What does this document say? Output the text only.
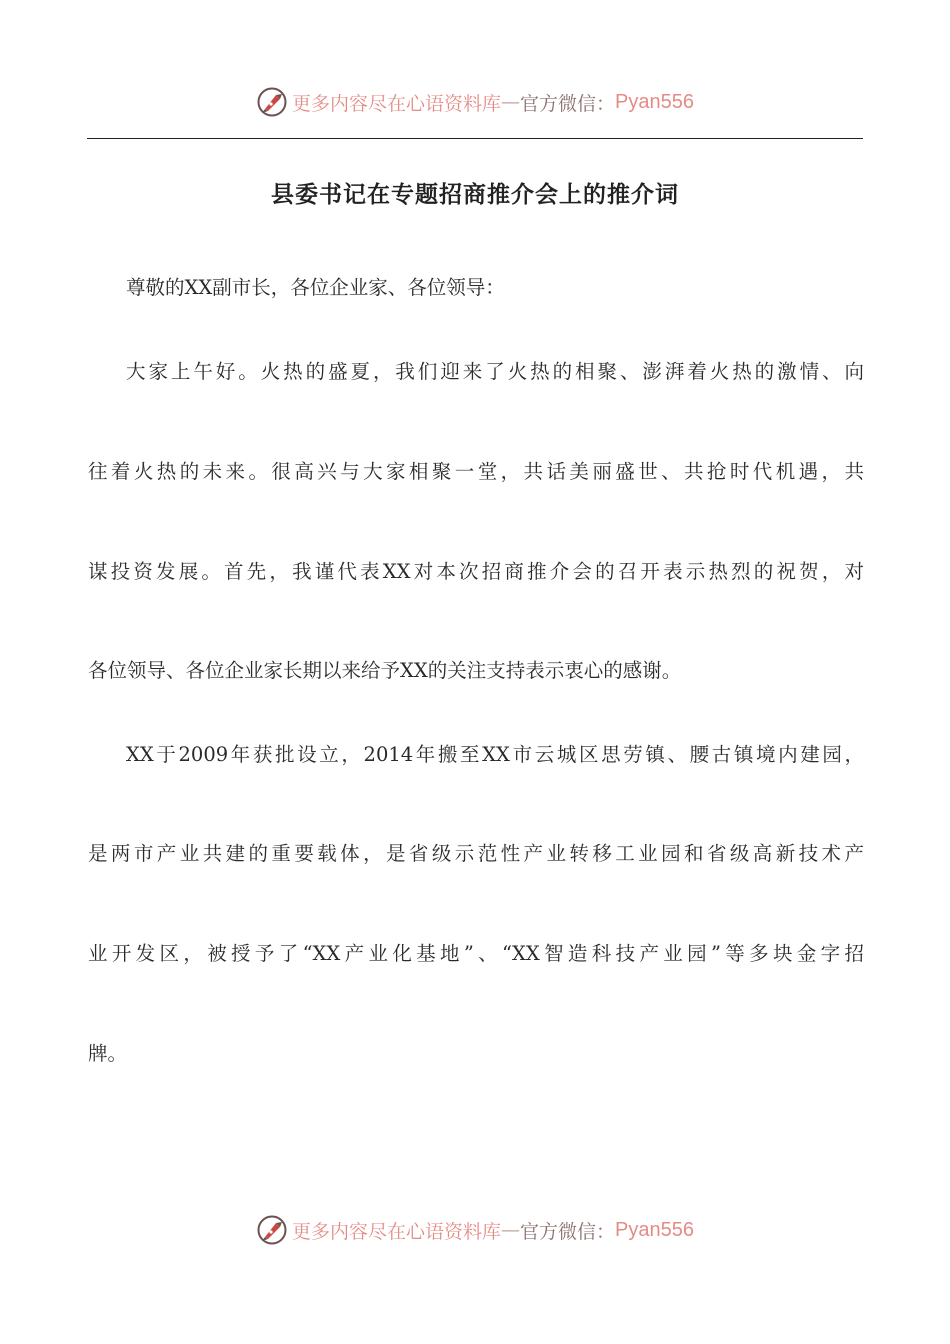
更多内容尽在心语资料库 — 官方微信： Pyan556
县委书记在专题招商推介会上的推介词
尊敬的XX副市长，各位企业家、各位领导：
大家上午好。火热的盛夏，我们迎来了火热的相聚、澎湃着火热的激情、向
往着火热的未来。很高兴与大家相聚一堂，共话美丽盛世、共抢时代机遇，共
谋投资发展。首先，我谨代表XX对本次招商推介会的召开表示热烈的祝贺，对
各位领导、各位企业家长期以来给予XX的关注支持表示衷心的感谢。
XX于2009年获批设立，2014年搬至XX市云城区思劳镇、腰古镇境内建园，
是两市产业共建的重要载体，是省级示范性产业转移工业园和省级高新技术产
业开发区，被授予了“XX产业化基地”、“XX智造科技产业园”等多块金字招
牌。
更多内容尽在心语资料库 — 官方微信： Pyan556
